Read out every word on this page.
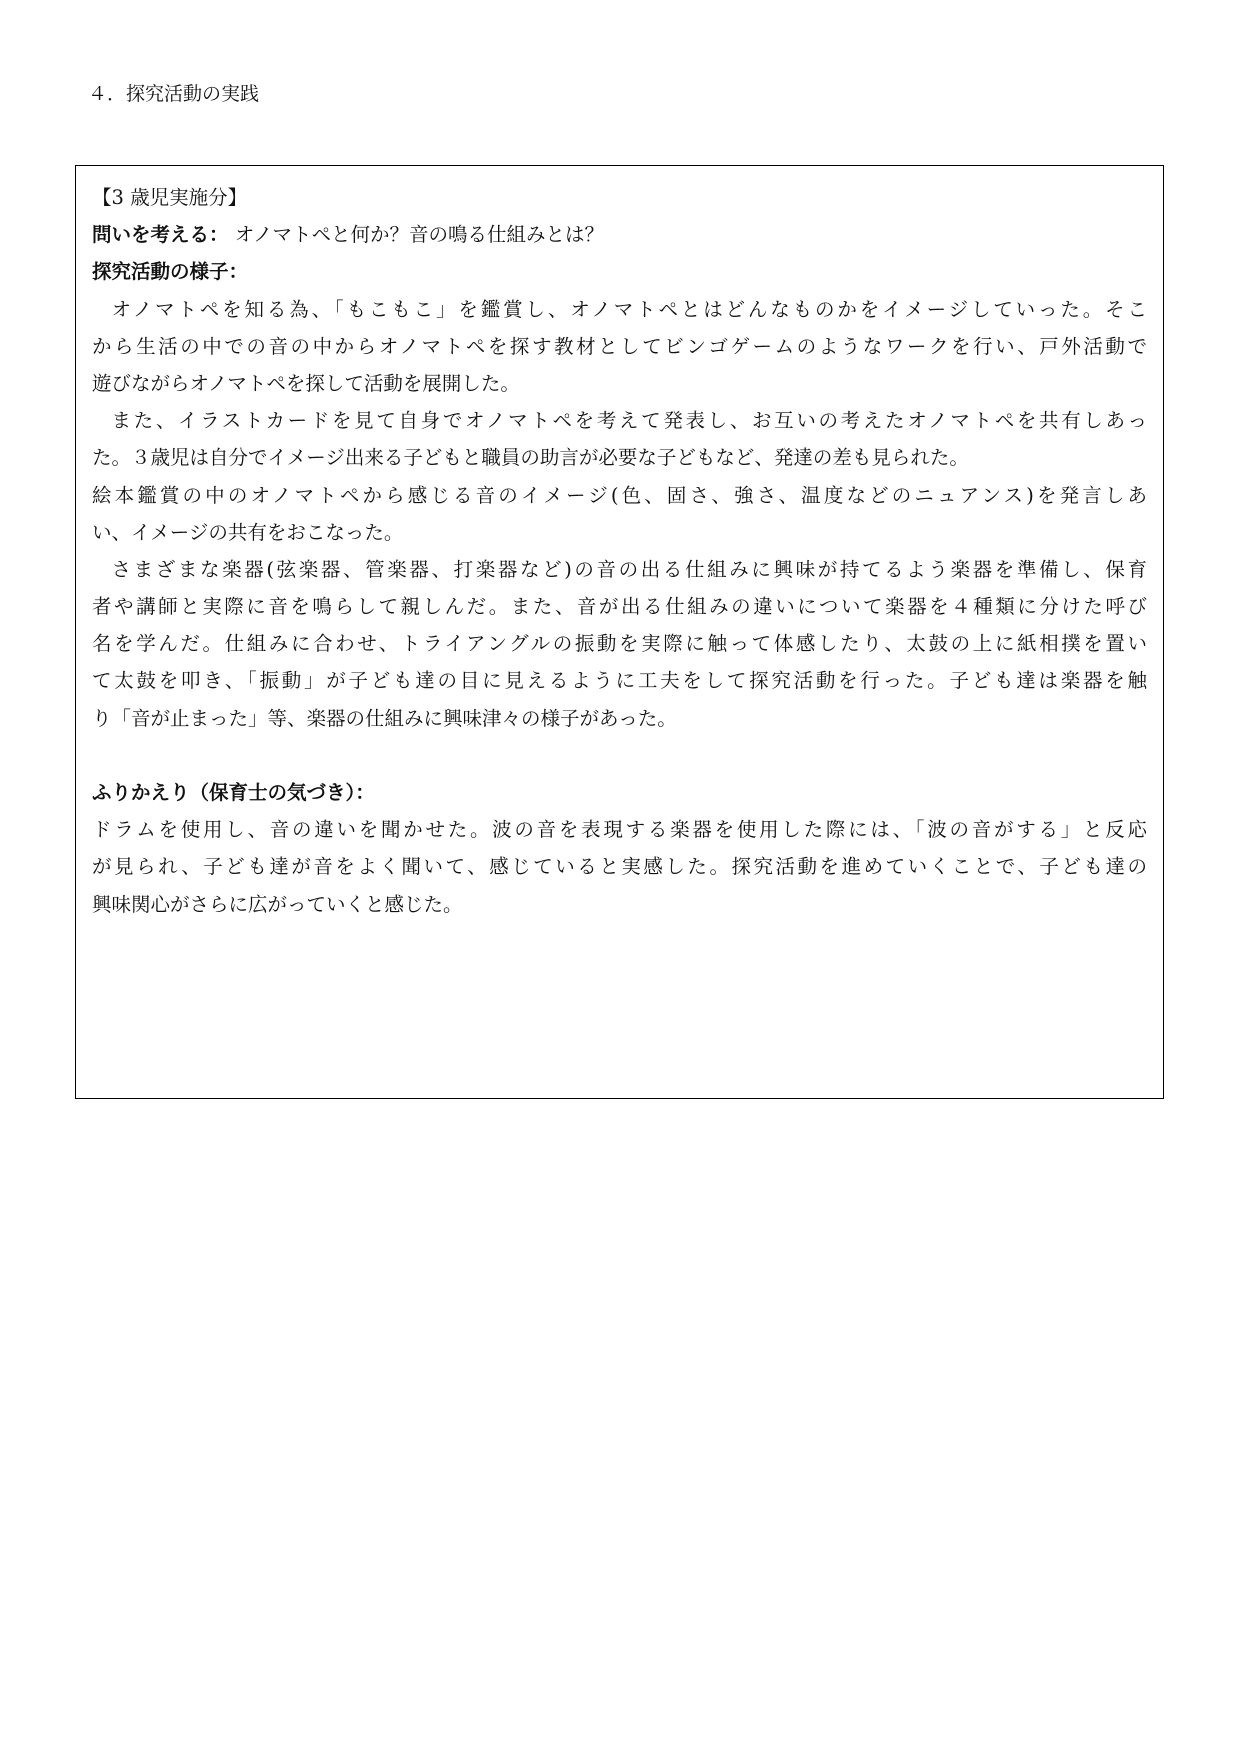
４．探究活動の実践
【3 歳児実施分】
問いを考える： オノマトペと何か？音の鳴る仕組みとは？
探究活動の様子：
オノマトペを知る為、「もこもこ」を鑑賞し、オノマトペとはどんなものかをイメージしていった。そこ
から生活の中での音の中からオノマトペを探す教材としてビンゴゲームのようなワークを行い、戸外活動で
遊びながらオノマトペを探して活動を展開した。
また、イラストカードを見て自身でオノマトペを考えて発表し、お互いの考えたオノマトペを共有しあっ
た。３歳児は自分でイメージ出来る子どもと職員の助言が必要な子どもなど、発達の差も見られた。
絵本鑑賞の中のオノマトペから感じる音のイメージ(色、固さ、強さ、温度などのニュアンス)を発言しあ
い、イメージの共有をおこなった。
さまざまな楽器(弦楽器、管楽器、打楽器など)の音の出る仕組みに興味が持てるよう楽器を準備し、保育
者や講師と実際に音を鳴らして親しんだ。また、音が出る仕組みの違いについて楽器を４種類に分けた呼び
名を学んだ。仕組みに合わせ、トライアングルの振動を実際に触って体感したり、太鼓の上に紙相撲を置い
て太鼓を叩き、「振動」が子ども達の目に見えるように工夫をして探究活動を行った。子ども達は楽器を触
り「音が止まった」等、楽器の仕組みに興味津々の様子があった。
ふりかえり（保育士の気づき）：
ドラムを使用し、音の違いを聞かせた。波の音を表現する楽器を使用した際には、「波の音がする」と反応
が見られ、子ども達が音をよく聞いて、感じていると実感した。探究活動を進めていくことで、子ども達の
興味関心がさらに広がっていくと感じた。
